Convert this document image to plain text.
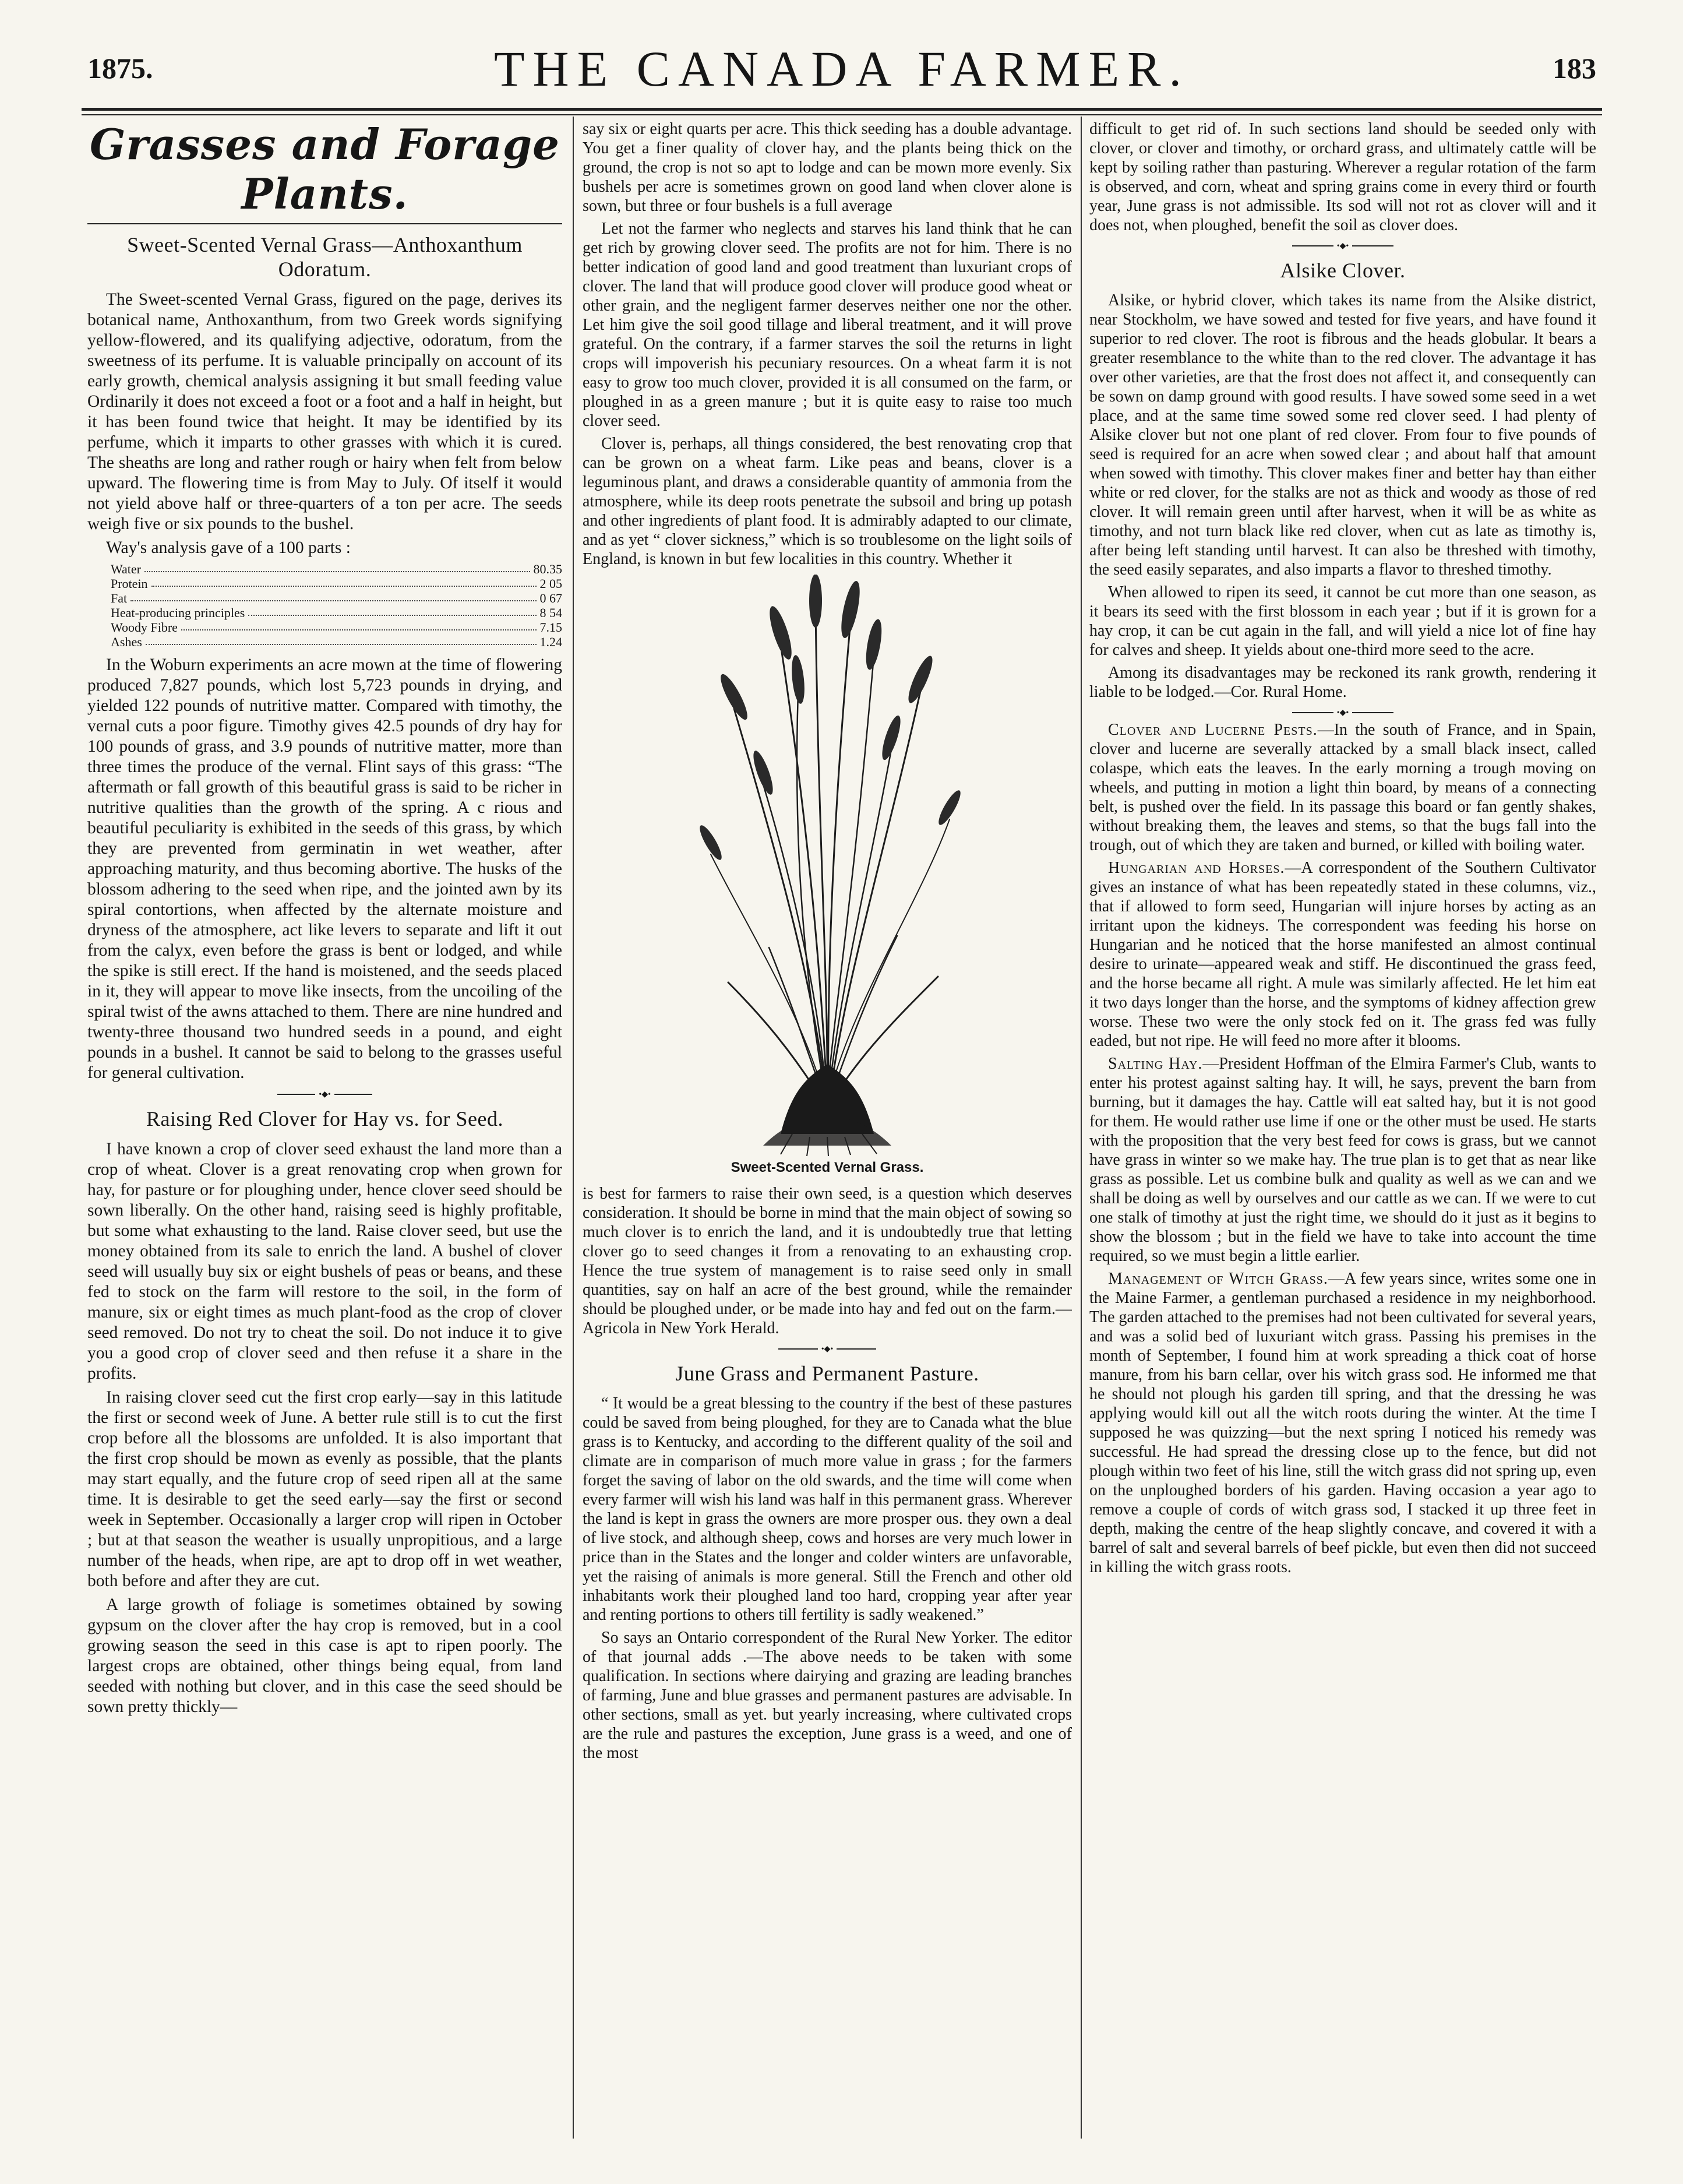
1875.	THE CANADA FARMER.	183
Grasses and Forage Plants.
Sweet-Scented Vernal Grass—Anthoxanthum Odoratum.

The Sweet-scented Vernal Grass, figured on the page, derives its botanical name, Anthoxanthum, from two Greek words signifying yellow-flowered, and its qualifying adjective, odoratum, from the sweetness of its perfume. It is valuable principally on account of its early growth, chemical analysis assigning it but small feeding value Ordinarily it does not exceed a foot or a foot and a half in height, but it has been found twice that height. It may be identified by its perfume, which it imparts to other grasses with which it is cured. The sheaths are long and rather rough or hairy when felt from below upward. The flowering time is from May to July. Of itself it would not yield above half or three-quarters of a ton per acre. The seeds weigh five or six pounds to the bushel.

Way's analysis gave of a 100 parts :

Water	80.35
Protein	2 05
Fat	0 67
Heat-producing principles	8 54
Woody Fibre	7.15
Ashes	1.24

In the Woburn experiments an acre mown at the time of flowering produced 7,827 pounds, which lost 5,723 pounds in drying, and yielded 122 pounds of nutritive matter. Compared with timothy, the vernal cuts a poor figure. Timothy gives 42.5 pounds of dry hay for 100 pounds of grass, and 3.9 pounds of nutritive matter, more than three times the produce of the vernal. Flint says of this grass: “The aftermath or fall growth of this beautiful grass is said to be richer in nutritive qualities than the growth of the spring. A c rious and beautiful peculiarity is exhibited in the seeds of this grass, by which they are prevented from germinatin in wet weather, after approaching maturity, and thus becoming abortive. The husks of the blossom adhering to the seed when ripe, and the jointed awn by its spiral contortions, when affected by the alternate moisture and dryness of the atmosphere, act like levers to separate and lift it out from the calyx, even before the grass is bent or lodged, and while the spike is still erect. If the hand is moistened, and the seeds placed in it, they will appear to move like insects, from the uncoiling of the spiral twist of the awns attached to them. There are nine hundred and twenty-three thousand two hundred seeds in a pound, and eight pounds in a bushel. It cannot be said to belong to the grasses useful for general cultivation.

•◆•
Raising Red Clover for Hay vs. for Seed.

I have known a crop of clover seed exhaust the land more than a crop of wheat. Clover is a great renovating crop when grown for hay, for pasture or for ploughing under, hence clover seed should be sown liberally. On the other hand, raising seed is highly profitable, but some what exhausting to the land. Raise clover seed, but use the money obtained from its sale to enrich the land. A bushel of clover seed will usually buy six or eight bushels of peas or beans, and these fed to stock on the farm will restore to the soil, in the form of manure, six or eight times as much plant-food as the crop of clover seed removed. Do not try to cheat the soil. Do not induce it to give you a good crop of clover seed and then refuse it a share in the profits.

In raising clover seed cut the first crop early—say in this latitude the first or second week of June. A better rule still is to cut the first crop before all the blossoms are unfolded. It is also important that the first crop should be mown as evenly as possible, that the plants may start equally, and the future crop of seed ripen all at the same time. It is desirable to get the seed early—say the first or second week in September. Occasionally a larger crop will ripen in October ; but at that season the weather is usually unpropitious, and a large number of the heads, when ripe, are apt to drop off in wet weather, both before and after they are cut.

A large growth of foliage is sometimes obtained by sowing gypsum on the clover after the hay crop is removed, but in a cool growing season the seed in this case is apt to ripen poorly. The largest crops are obtained, other things being equal, from land seeded with nothing but clover, and in this case the seed should be sown pretty thickly—

say six or eight quarts per acre. This thick seeding has a double advantage. You get a finer quality of clover hay, and the plants being thick on the ground, the crop is not so apt to lodge and can be mown more evenly. Six bushels per acre is sometimes grown on good land when clover alone is sown, but three or four bushels is a full average

Let not the farmer who neglects and starves his land think that he can get rich by growing clover seed. The profits are not for him. There is no better indication of good land and good treatment than luxuriant crops of clover. The land that will produce good clover will produce good wheat or other grain, and the negligent farmer deserves neither one nor the other. Let him give the soil good tillage and liberal treatment, and it will prove grateful. On the contrary, if a farmer starves the soil the returns in light crops will impoverish his pecuniary resources. On a wheat farm it is not easy to grow too much clover, provided it is all consumed on the farm, or ploughed in as a green manure ; but it is quite easy to raise too much clover seed.

Clover is, perhaps, all things considered, the best renovating crop that can be grown on a wheat farm. Like peas and beans, clover is a leguminous plant, and draws a considerable quantity of ammonia from the atmosphere, while its deep roots penetrate the subsoil and bring up potash and other ingredients of plant food. It is admirably adapted to our climate, and as yet “ clover sickness,” which is so troublesome on the light soils of England, is known in but few localities in this country. Whether it

Sweet-Scented Vernal Grass.

is best for farmers to raise their own seed, is a question which deserves consideration. It should be borne in mind that the main object of sowing so much clover is to enrich the land, and it is undoubtedly true that letting clover go to seed changes it from a renovating to an exhausting crop. Hence the true system of management is to raise seed only in small quantities, say on half an acre of the best ground, while the remainder should be ploughed under, or be made into hay and fed out on the farm.—Agricola in New York Herald.

•◆•
June Grass and Permanent Pasture.

“ It would be a great blessing to the country if the best of these pastures could be saved from being ploughed, for they are to Canada what the blue grass is to Kentucky, and according to the different quality of the soil and climate are in comparison of much more value in grass ; for the farmers forget the saving of labor on the old swards, and the time will come when every farmer will wish his land was half in this permanent grass. Wherever the land is kept in grass the owners are more prosper ous. they own a deal of live stock, and although sheep, cows and horses are very much lower in price than in the States and the longer and colder winters are unfavorable, yet the raising of animals is more general. Still the French and other old inhabitants work their ploughed land too hard, cropping year after year and renting portions to others till fertility is sadly weakened.”

So says an Ontario correspondent of the Rural New Yorker. The editor of that journal adds .—The above needs to be taken with some qualification. In sections where dairying and grazing are leading branches of farming, June and blue grasses and permanent pastures are advisable. In other sections, small as yet. but yearly increasing, where cultivated crops are the rule and pastures the exception, June grass is a weed, and one of the most

difficult to get rid of. In such sections land should be seeded only with clover, or clover and timothy, or orchard grass, and ultimately cattle will be kept by soiling rather than pasturing. Wherever a regular rotation of the farm is observed, and corn, wheat and spring grains come in every third or fourth year, June grass is not admissible. Its sod will not rot as clover will and it does not, when ploughed, benefit the soil as clover does.

•◆•
Alsike Clover.

Alsike, or hybrid clover, which takes its name from the Alsike district, near Stockholm, we have sowed and tested for five years, and have found it superior to red clover. The root is fibrous and the heads globular. It bears a greater resemblance to the white than to the red clover. The advantage it has over other varieties, are that the frost does not affect it, and consequently can be sown on damp ground with good results. I have sowed some seed in a wet place, and at the same time sowed some red clover seed. I had plenty of Alsike clover but not one plant of red clover. From four to five pounds of seed is required for an acre when sowed clear ; and about half that amount when sowed with timothy. This clover makes finer and better hay than either white or red clover, for the stalks are not as thick and woody as those of red clover. It will remain green until after harvest, when it will be as white as timothy, and not turn black like red clover, when cut as late as timothy is, after being left standing until harvest. It can also be threshed with timothy, the seed easily separates, and also imparts a flavor to threshed timothy.

When allowed to ripen its seed, it cannot be cut more than one season, as it bears its seed with the first blossom in each year ; but if it is grown for a hay crop, it can be cut again in the fall, and will yield a nice lot of fine hay for calves and sheep. It yields about one-third more seed to the acre.

Among its disadvantages may be reckoned its rank growth, rendering it liable to be lodged.—Cor. Rural Home.

•◆•

Clover and Lucerne Pests.—In the south of France, and in Spain, clover and lucerne are severally attacked by a small black insect, called colaspe, which eats the leaves. In the early morning a trough moving on wheels, and putting in motion a light thin board, by means of a connecting belt, is pushed over the field. In its passage this board or fan gently shakes, without breaking them, the leaves and stems, so that the bugs fall into the trough, out of which they are taken and burned, or killed with boiling water.

Hungarian and Horses.—A correspondent of the Southern Cultivator gives an instance of what has been repeatedly stated in these columns, viz., that if allowed to form seed, Hungarian will injure horses by acting as an irritant upon the kidneys. The correspondent was feeding his horse on Hungarian and he noticed that the horse manifested an almost continual desire to urinate—appeared weak and stiff. He discontinued the grass feed, and the horse became all right. A mule was similarly affected. He let him eat it two days longer than the horse, and the symptoms of kidney affection grew worse. These two were the only stock fed on it. The grass fed was fully eaded, but not ripe. He will feed no more after it blooms.

Salting Hay.—President Hoffman of the Elmira Farmer's Club, wants to enter his protest against salting hay. It will, he says, prevent the barn from burning, but it damages the hay. Cattle will eat salted hay, but it is not good for them. He would rather use lime if one or the other must be used. He starts with the proposition that the very best feed for cows is grass, but we cannot have grass in winter so we make hay. The true plan is to get that as near like grass as possible. Let us combine bulk and quality as well as we can and we shall be doing as well by ourselves and our cattle as we can. If we were to cut one stalk of timothy at just the right time, we should do it just as it begins to show the blossom ; but in the field we have to take into account the time required, so we must begin a little earlier.

Management of Witch Grass.—A few years since, writes some one in the Maine Farmer, a gentleman purchased a residence in my neighborhood. The garden attached to the premises had not been cultivated for several years, and was a solid bed of luxuriant witch grass. Passing his premises in the month of September, I found him at work spreading a thick coat of horse manure, from his barn cellar, over his witch grass sod. He informed me that he should not plough his garden till spring, and that the dressing he was applying would kill out all the witch roots during the winter. At the time I supposed he was quizzing—but the next spring I noticed his remedy was successful. He had spread the dressing close up to the fence, but did not plough within two feet of his line, still the witch grass did not spring up, even on the unploughed borders of his garden. Having occasion a year ago to remove a couple of cords of witch grass sod, I stacked it up three feet in depth, making the centre of the heap slightly concave, and covered it with a barrel of salt and several barrels of beef pickle, but even then did not succeed in killing the witch grass roots.
